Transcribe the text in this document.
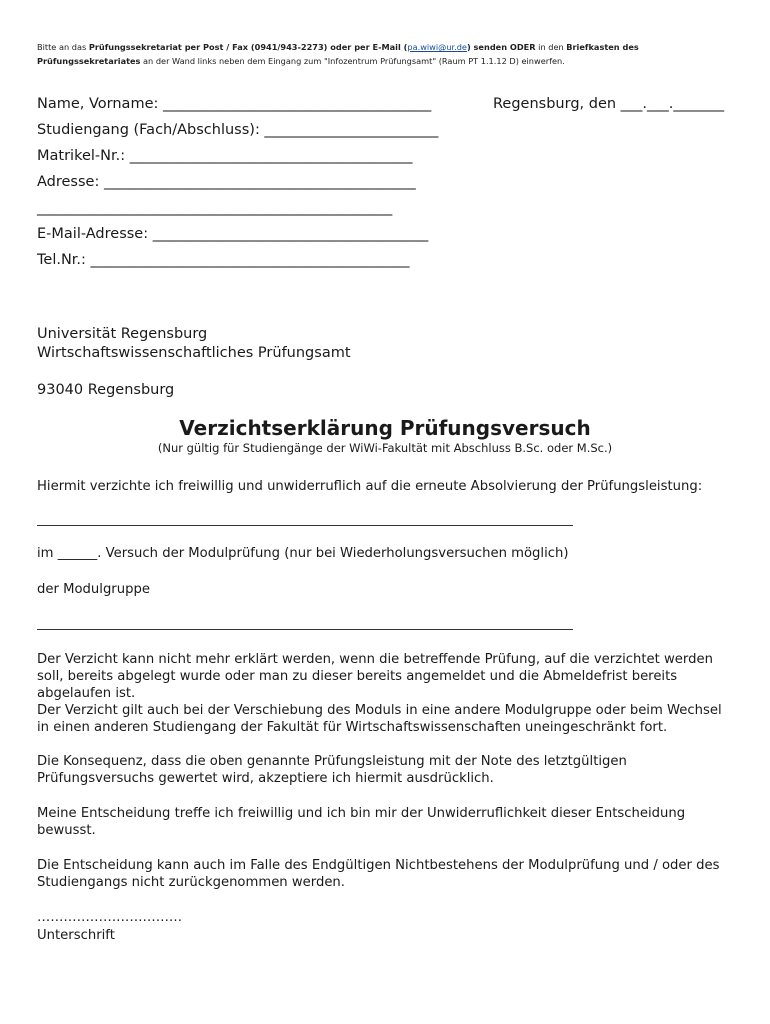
Bitte an das Prüfungssekretariat per Post / Fax (0941/943-2273) oder per E-Mail (pa.wiwi@ur.de) senden ODER in den Briefkasten des Prüfungssekretariates an der Wand links neben dem Eingang zum "Infozentrum Prüfungsamt" (Raum PT 1.1.12 D) einwerfen.
Name, Vorname: _____________________________________	Regensburg, den ___.___._______
Studiengang (Fach/Abschluss): ________________________
Matrikel-Nr.: _______________________________________
Adresse: ___________________________________________
_________________________________________________
E-Mail-Adresse: ______________________________________
Tel.Nr.: ____________________________________________
Universität Regensburg
Wirtschaftswissenschaftliches Prüfungsamt
93040 Regensburg
Verzichtserklärung Prüfungsversuch
(Nur gültig für Studiengänge der WiWi-Fakultät mit Abschluss B.Sc. oder M.Sc.)
Hiermit verzichte ich freiwillig und unwiderruflich auf die erneute Absolvierung der Prüfungsleistung:
im ______. Versuch der Modulprüfung (nur bei Wiederholungsversuchen möglich)
der Modulgruppe
Der Verzicht kann nicht mehr erklärt werden, wenn die betreffende Prüfung, auf die verzichtet werden soll, bereits abgelegt wurde oder man zu dieser bereits angemeldet und die Abmeldefrist bereits abgelaufen ist.
Der Verzicht gilt auch bei der Verschiebung des Moduls in eine andere Modulgruppe oder beim Wechsel in einen anderen Studiengang der Fakultät für Wirtschaftswissenschaften uneingeschränkt fort.
Die Konsequenz, dass die oben genannte Prüfungsleistung mit der Note des letztgültigen Prüfungsversuchs gewertet wird, akzeptiere ich hiermit ausdrücklich.
Meine Entscheidung treffe ich freiwillig und ich bin mir der Unwiderruflichkeit dieser Entscheidung bewusst.
Die Entscheidung kann auch im Falle des Endgültigen Nichtbestehens der Modulprüfung und / oder des Studiengangs nicht zurückgenommen werden.
……………………………
Unterschrift
